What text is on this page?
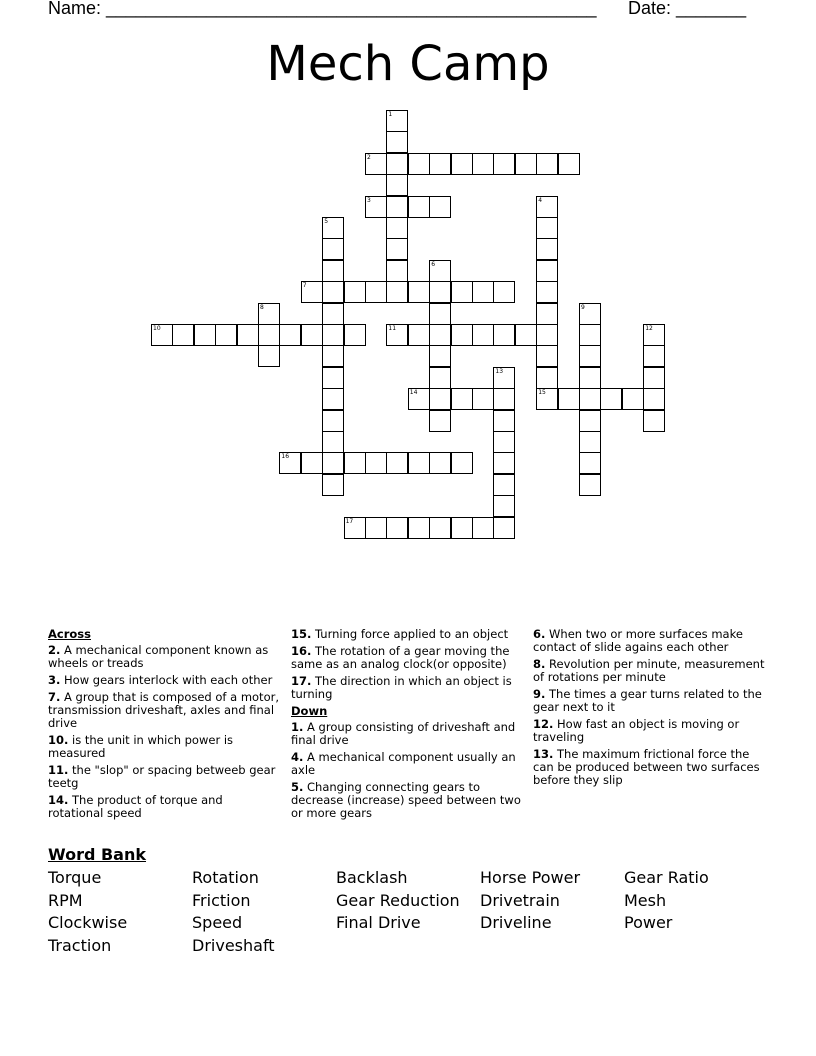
Name: _________________________________________________ Date: _______
Mech Camp
1
2
3	4
5
6
7
8	9
10	11	12
13
14	15
16
17
Across
2. A mechanical component known as wheels or treads
3. How gears interlock with each other
7. A group that is composed of a motor, transmission driveshaft, axles and final drive
10. is the unit in which power is measured
11. the "slop" or spacing betweeb gear teetg
14. The product of torque and rotational speed
15. Turning force applied to an object
16. The rotation of a gear moving the same as an analog clock(or opposite)
17. The direction in which an object is turning
Down
1. A group consisting of driveshaft and final drive
4. A mechanical component usually an axle
5. Changing connecting gears to decrease (increase) speed between two or more gears
6. When two or more surfaces make contact of slide agains each other
8. Revolution per minute, measurement of rotations per minute
9. The times a gear turns related to the gear next to it
12. How fast an object is moving or traveling
13. The maximum frictional force the can be produced between two surfaces before they slip
Word Bank
Torque
RPM
Clockwise
Traction
Rotation
Friction
Speed
Driveshaft
Backlash
Gear Reduction
Final Drive
Horse Power
Drivetrain
Driveline
Gear Ratio
Mesh
Power
